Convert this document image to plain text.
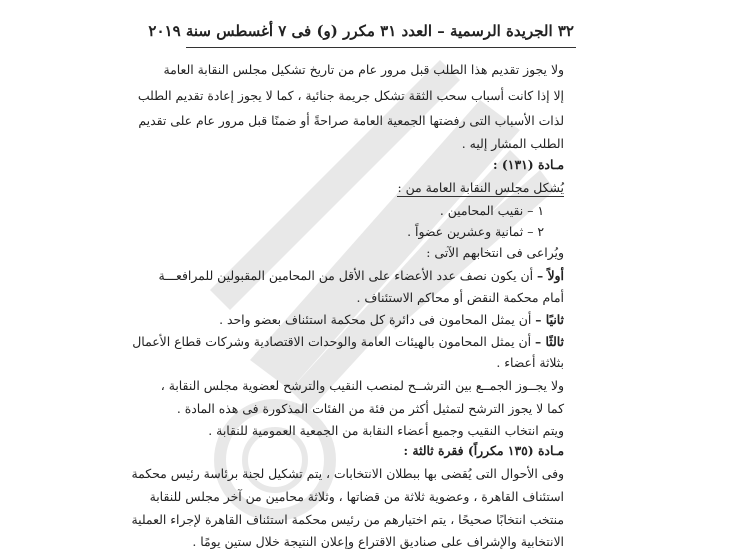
٣٢ الجريدة الرسمية – العدد ٣١ مكرر (و) فى ٧ أغسطس سنة ٢٠١٩
ولا يجوز تقديم هذا الطلب قبل مرور عام من تاريخ تشكيل مجلس النقابة العامة
إلا إذا كانت أسباب سحب الثقة تشكل جريمة جنائية ، كما لا يجوز إعادة تقديم الطلب
لذات الأسباب التى رفضتها الجمعية العامة صراحةً أو ضمنًا قبل مرور عام على تقديم
الطلب المشار إليه .
مـادة (١٣١) :
يُشكل مجلس النقابة العامة من :
١ – نقيب المحامين .
٢ – ثمانية وعشرين عضواً .
ويُراعى فى انتخابهم الآتى :
أولاً – أن يكون نصف عدد الأعضاء على الأقل من المحامين المقبولين للمرافعـــة
أمام محكمة النقض أو محاكم الاستئناف .
ثانيًا – أن يمثل المحامون فى دائرة كل محكمة استئناف بعضو واحد .
ثالثًا – أن يمثل المحامون بالهيئات العامة والوحدات الاقتصادية وشركات قطاع الأعمال
بثلاثة أعضاء .
ولا يجــوز الجمــع بين الترشــح لمنصب النقيب والترشح لعضوية مجلس النقابة ،
كما لا يجوز الترشح لتمثيل أكثر من فئة من الفئات المذكورة فى هذه المادة .
ويتم انتخاب النقيب وجميع أعضاء النقابة من الجمعية العمومية للنقابة .
مـادة (١٣٥ مكرراً) فقرة ثالثة :
وفى الأحوال التى يُقضى بها ببطلان الانتخابات ، يتم تشكيل لجنة برئاسة رئيس محكمة
استئناف القاهرة ، وعضوية ثلاثة من قضاتها ، وثلاثة محامين من آخر مجلس للنقابة
منتخب انتخابًا صحيحًا ، يتم اختيارهم من رئيس محكمة استئناف القاهرة لإجراء العملية
الانتخابية والإشراف على صناديق الاقتراع وإعلان النتيجة خلال ستين يومًا .
